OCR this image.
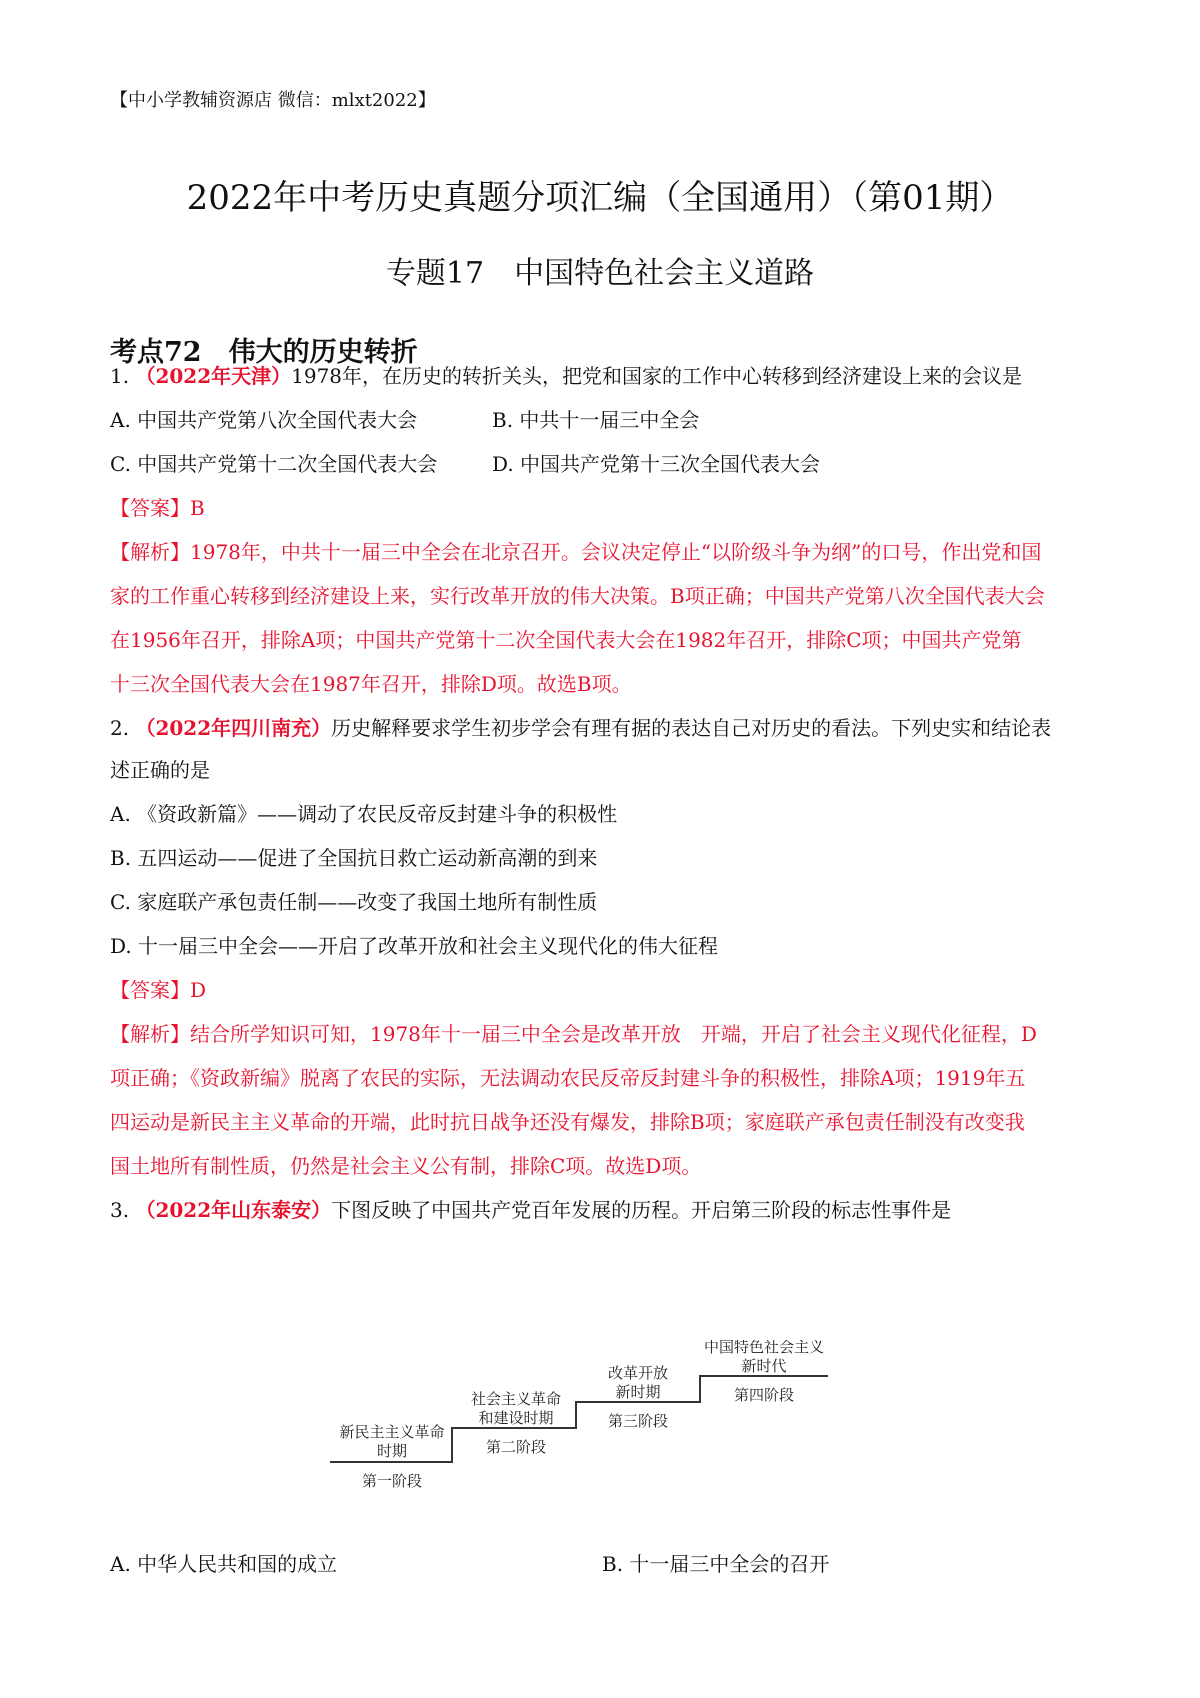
【中小学教辅资源店 微信：mlxt2022】
2022年中考历史真题分项汇编（全国通用）（第01期）
专题17　中国特色社会主义道路
考点72　伟大的历史转折
1. （2022年天津）1978年，在历史的转折关头，把党和国家的工作中心转移到经济建设上来的会议是
A. 中国共产党第八次全国代表大会	B. 中共十一届三中全会
C. 中国共产党第十二次全国代表大会	D. 中国共产党第十三次全国代表大会
【答案】B
【解析】1978年，中共十一届三中全会在北京召开。会议决定停止“以阶级斗争为纲”的口号，作出党和国
家的工作重心转移到经济建设上来，实行改革开放的伟大决策。B项正确；中国共产党第八次全国代表大会
在1956年召开，排除A项；中国共产党第十二次全国代表大会在1982年召开，排除C项；中国共产党第
十三次全国代表大会在1987年召开，排除D项。故选B项。
2. （2022年四川南充）历史解释要求学生初步学会有理有据的表达自己对历史的看法。下列史实和结论表
述正确的是
A. 《资政新篇》——调动了农民反帝反封建斗争的积极性
B. 五四运动——促进了全国抗日救亡运动新高潮的到来
C. 家庭联产承包责任制——改变了我国土地所有制性质
D. 十一届三中全会——开启了改革开放和社会主义现代化的伟大征程
【答案】D
【解析】结合所学知识可知，1978年十一届三中全会是改革开放　开端，开启了社会主义现代化征程，D
项正确；《资政新编》脱离了农民的实际，无法调动农民反帝反封建斗争的积极性，排除A项；1919年五
四运动是新民主主义革命的开端，此时抗日战争还没有爆发，排除B项；家庭联产承包责任制没有改变我
国土地所有制性质，仍然是社会主义公有制，排除C项。故选D项。
3. （2022年山东泰安）下图反映了中国共产党百年发展的历程。开启第三阶段的标志性事件是
新民主主义革命
时期
第一阶段
社会主义革命
和建设时期
第二阶段
改革开放
新时期
第三阶段
中国特色社会主义
新时代
第四阶段
A. 中华人民共和国的成立	B. 十一届三中全会的召开
